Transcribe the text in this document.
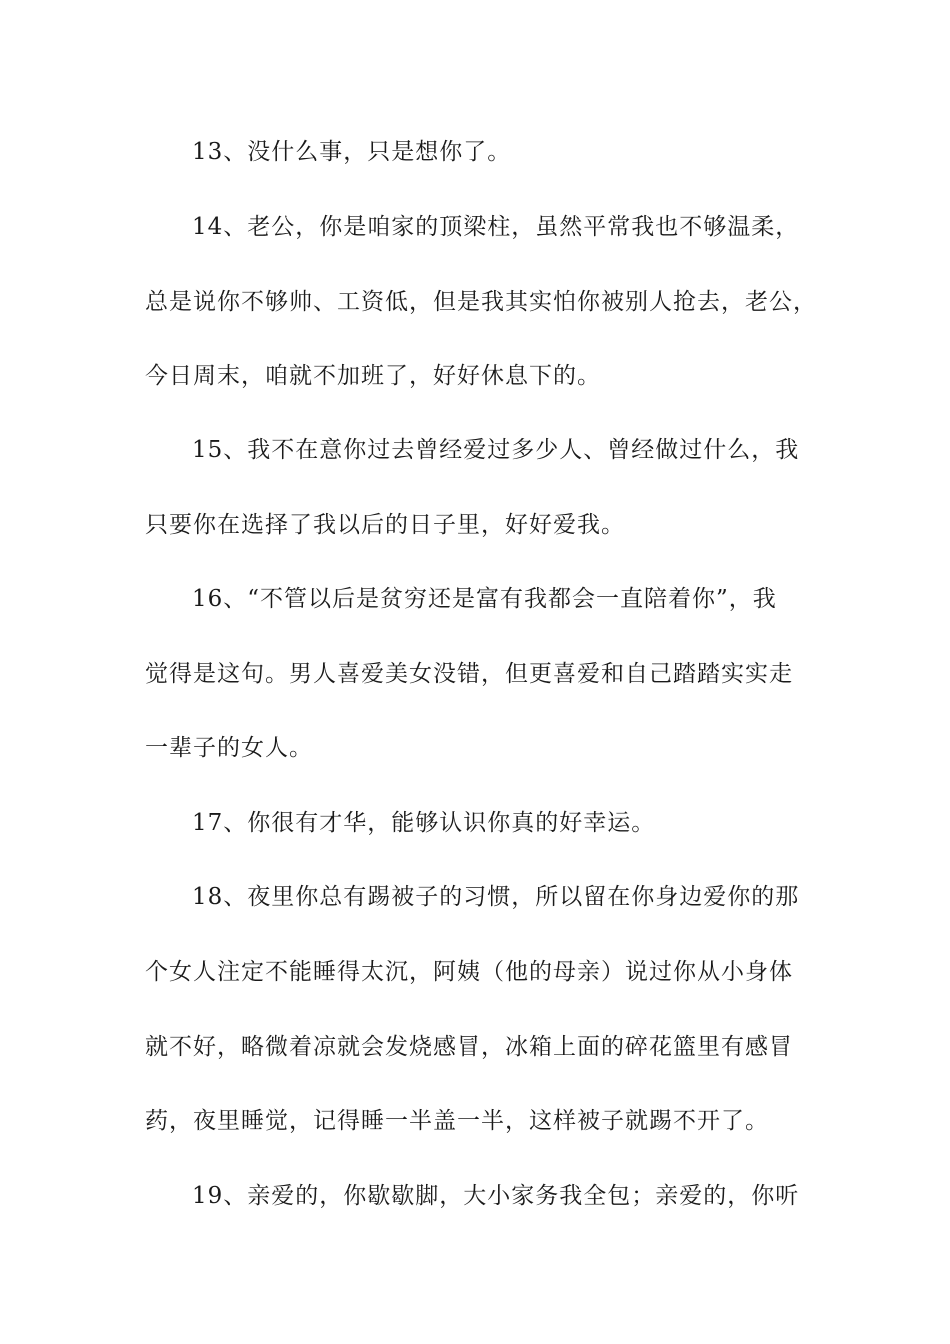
13、没什么事，只是想你了。
14、老公，你是咱家的顶梁柱，虽然平常我也不够温柔，
总是说你不够帅、工资低，但是我其实怕你被别人抢去，老公，
今日周末，咱就不加班了，好好休息下的。
15、我不在意你过去曾经爱过多少人、曾经做过什么，我
只要你在选择了我以后的日子里，好好爱我。
16、“不管以后是贫穷还是富有我都会一直陪着你”，我
觉得是这句。男人喜爱美女没错，但更喜爱和自己踏踏实实走
一辈子的女人。
17、你很有才华，能够认识你真的好幸运。
18、夜里你总有踢被子的习惯，所以留在你身边爱你的那
个女人注定不能睡得太沉，阿姨（他的母亲）说过你从小身体
就不好，略微着凉就会发烧感冒，冰箱上面的碎花篮里有感冒
药，夜里睡觉，记得睡一半盖一半，这样被子就踢不开了。
19、亲爱的，你歇歇脚，大小家务我全包；亲爱的，你听
